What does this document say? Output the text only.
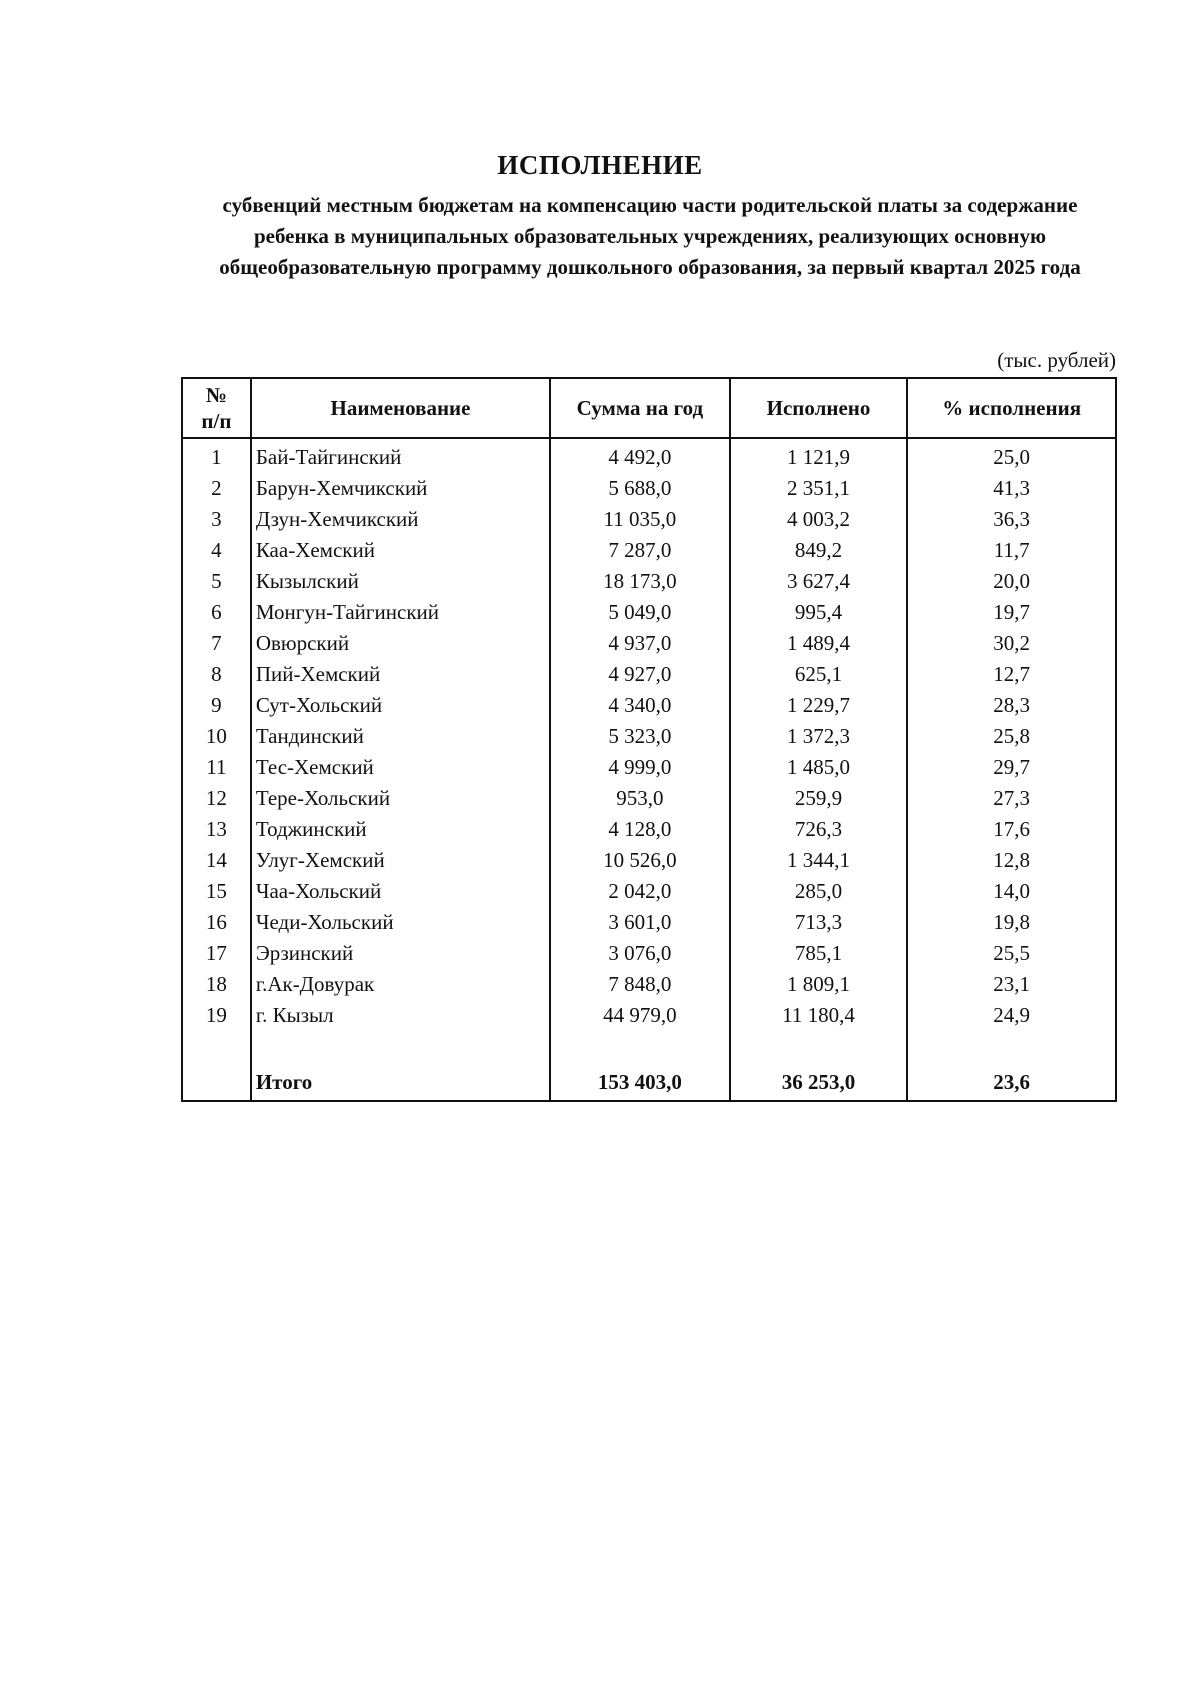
ИСПОЛНЕНИЕ
субвенций местным бюджетам на компенсацию части родительской платы за содержание ребенка в муниципальных образовательных учреждениях, реализующих основную общеобразовательную программу дошкольного образования, за первый квартал 2025 года
(тыс. рублей)
№
п/п	Наименование	Сумма на год	Исполнено	% исполнения
1	Бай-Тайгинский	4 492,0	1 121,9	25,0
2	Барун-Хемчикский	5 688,0	2 351,1	41,3
3	Дзун-Хемчикский	11 035,0	4 003,2	36,3
4	Каа-Хемский	7 287,0	849,2	11,7
5	Кызылский	18 173,0	3 627,4	20,0
6	Монгун-Тайгинский	5 049,0	995,4	19,7
7	Овюрский	4 937,0	1 489,4	30,2
8	Пий-Хемский	4 927,0	625,1	12,7
9	Сут-Хольский	4 340,0	1 229,7	28,3
10	Тандинский	5 323,0	1 372,3	25,8
11	Тес-Хемский	4 999,0	1 485,0	29,7
12	Тере-Хольский	953,0	259,9	27,3
13	Тоджинский	4 128,0	726,3	17,6
14	Улуг-Хемский	10 526,0	1 344,1	12,8
15	Чаа-Хольский	2 042,0	285,0	14,0
16	Чеди-Хольский	3 601,0	713,3	19,8
17	Эрзинский	3 076,0	785,1	25,5
18	г.Ак-Довурак	7 848,0	1 809,1	23,1
19	г. Кызыл	44 979,0	11 180,4	24,9

	Итого	153 403,0	36 253,0	23,6
